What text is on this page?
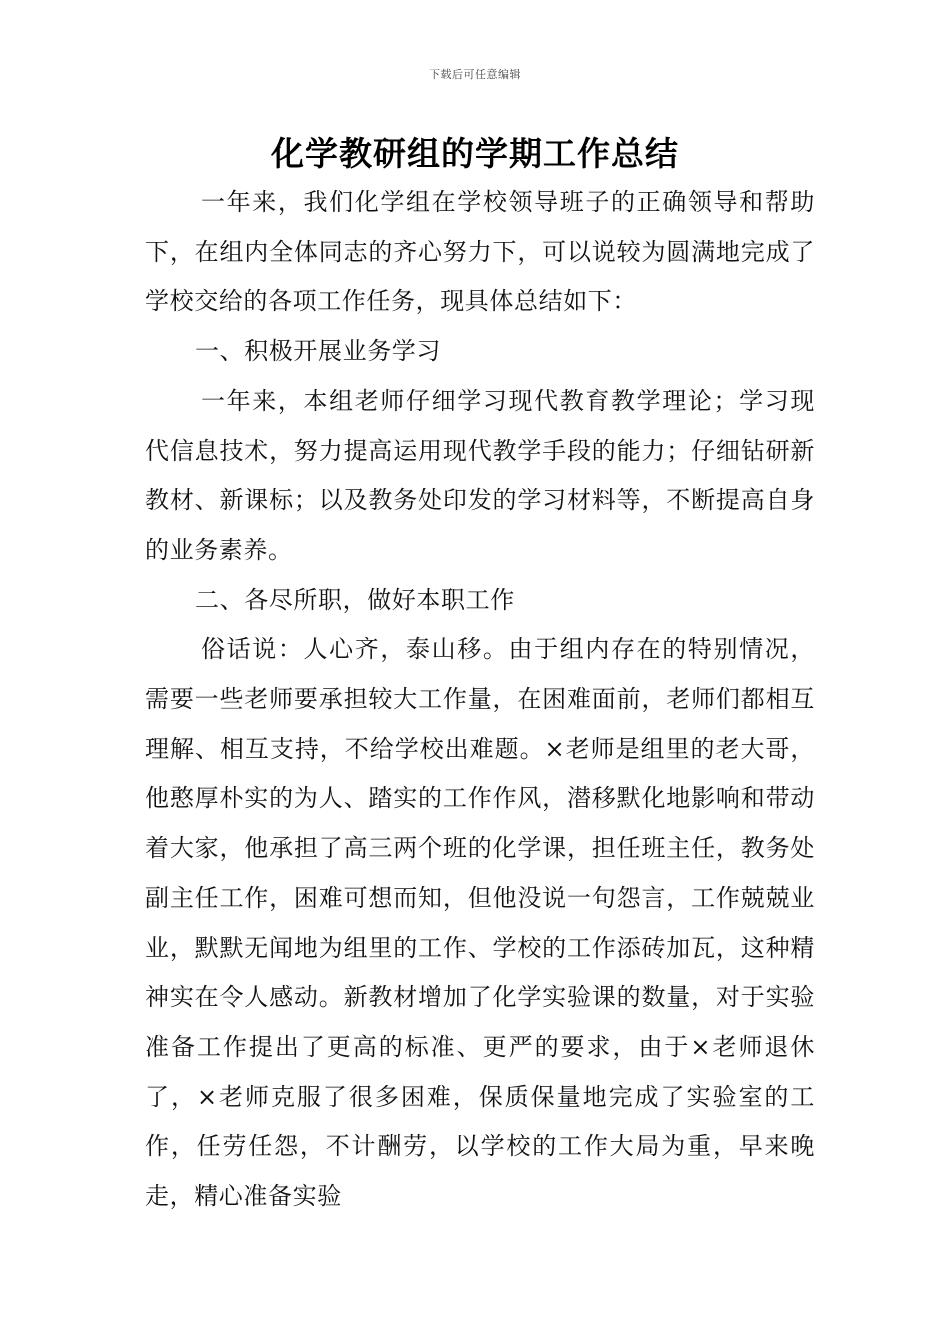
下载后可任意编辑
化学教研组的学期工作总结

一年来，我们化学组在学校领导班子的正确领导和帮助下，在组内全体同志的齐心努力下，可以说较为圆满地完成了学校交给的各项工作任务，现具体总结如下：

一、积极开展业务学习

一年来，本组老师仔细学习现代教育教学理论；学习现代信息技术，努力提高运用现代教学手段的能力；仔细钻研新教材、新课标；以及教务处印发的学习材料等，不断提高自身的业务素养。

二、各尽所职，做好本职工作

俗话说：人心齐，泰山移。由于组内存在的特别情况，需要一些老师要承担较大工作量，在困难面前，老师们都相互理解、相互支持，不给学校出难题。×老师是组里的老大哥，他憨厚朴实的为人、踏实的工作作风，潜移默化地影响和带动着大家，他承担了高三两个班的化学课，担任班主任，教务处副主任工作，困难可想而知，但他没说一句怨言，工作兢兢业业，默默无闻地为组里的工作、学校的工作添砖加瓦，这种精神实在令人感动。新教材增加了化学实验课的数量，对于实验准备工作提出了更高的标准、更严的要求，由于×老师退休了，×老师克服了很多困难，保质保量地完成了实验室的工作，任劳任怨，不计酬劳，以学校的工作大局为重，早来晚走，精心准备实验
